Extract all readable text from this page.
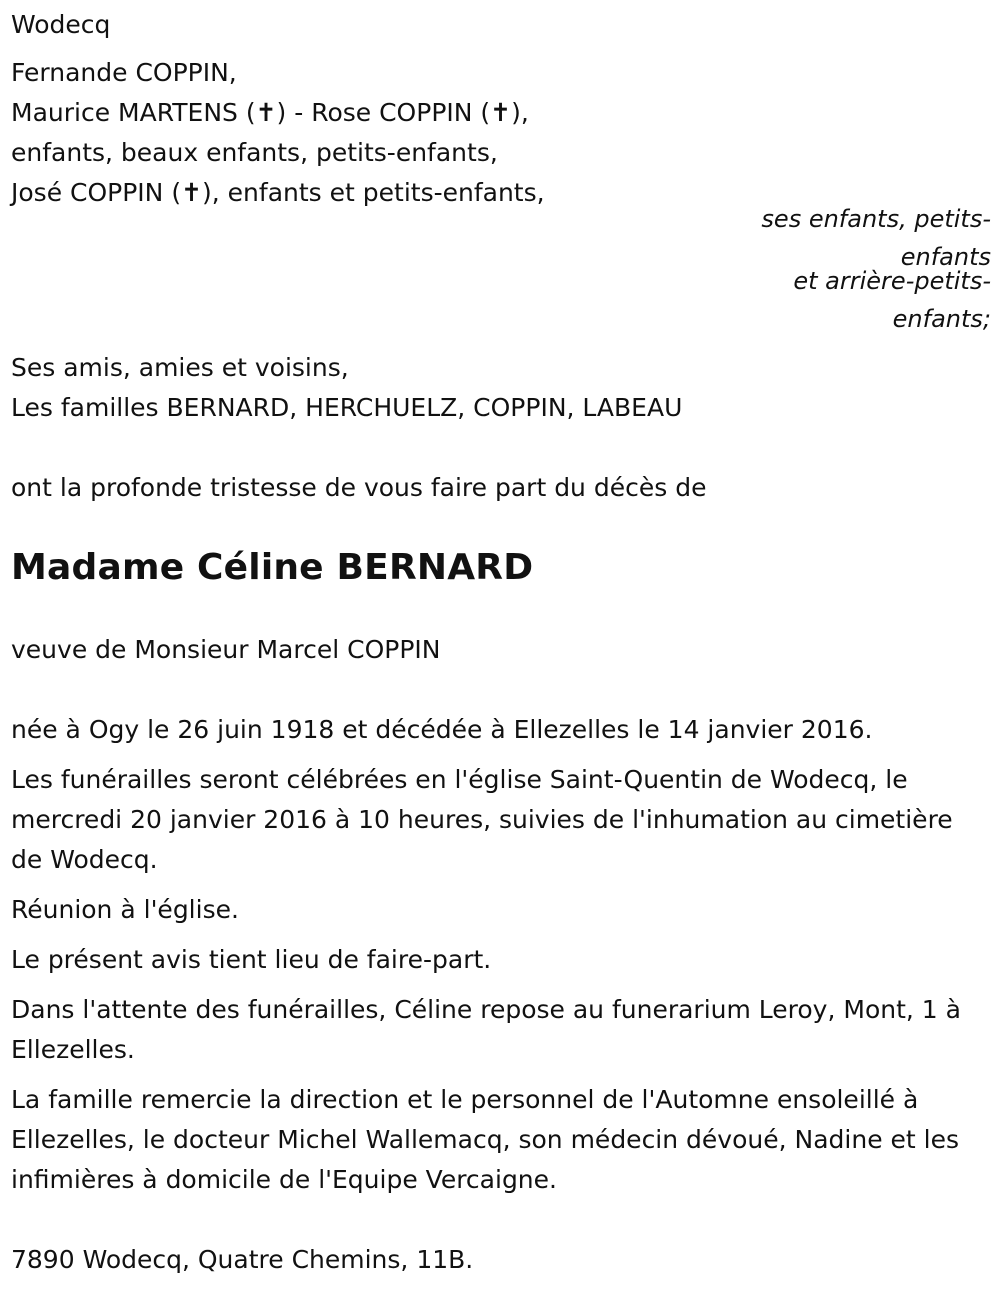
Wodecq
Fernande COPPIN,
Maurice MARTENS (✝) - Rose COPPIN (✝),
enfants, beaux enfants, petits-enfants,
José COPPIN (✝), enfants et petits-enfants,
Ses amis, amies et voisins,
Les familles BERNARD, HERCHUELZ, COPPIN, LABEAU
ont la profonde tristesse de vous faire part du décès de
Madame Céline BERNARD
veuve de Monsieur Marcel COPPIN
née à Ogy le 26 juin 1918 et décédée à Ellezelles le 14 janvier 2016.

Les funérailles seront célébrées en l'église Saint-Quentin de Wodecq, le mercredi 20 janvier 2016 à 10 heures, suivies de l'inhumation au cimetière de Wodecq.

Réunion à l'église.

Le présent avis tient lieu de faire-part.

Dans l'attente des funérailles, Céline repose au funerarium Leroy, Mont, 1 à Ellezelles.

La famille remercie la direction et le personnel de l'Automne ensoleillé à Ellezelles, le docteur Michel Wallemacq, son médecin dévoué, Nadine et les infimières à domicile de l'Equipe Vercaigne.

7890 Wodecq, Quatre Chemins, 11B.
ses enfants, petits-enfants
et arrière-petits-enfants;
